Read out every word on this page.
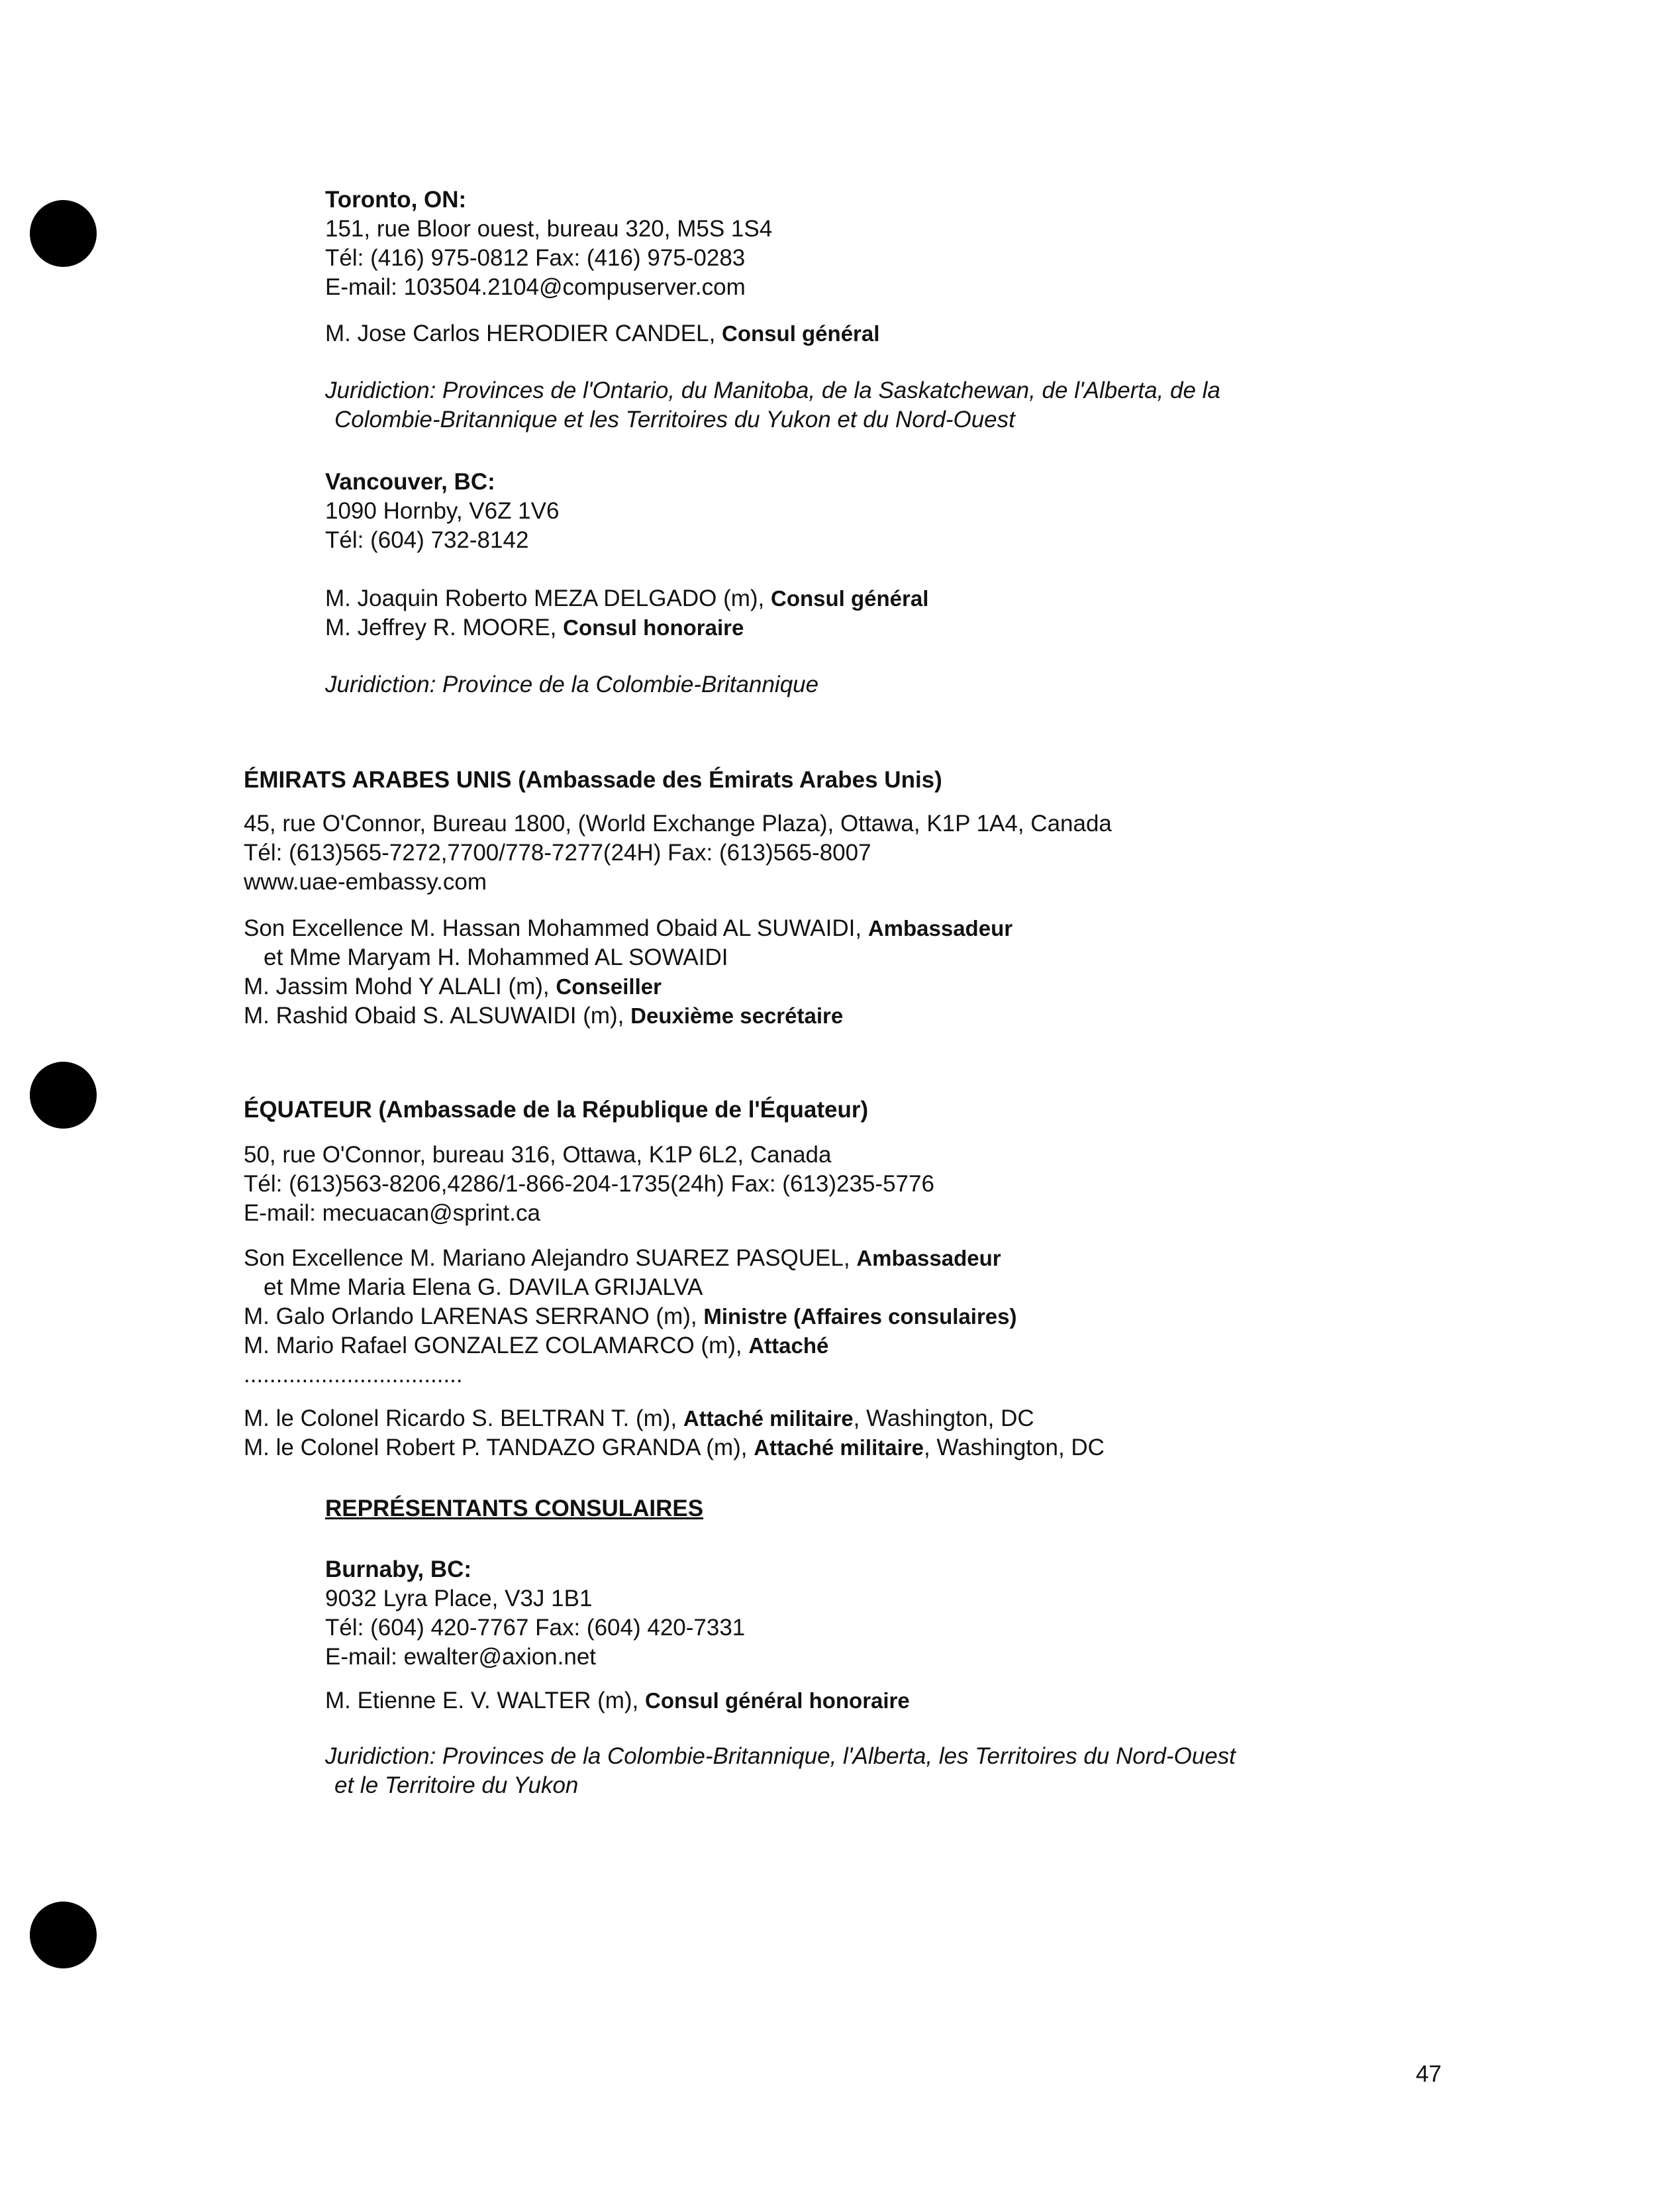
Toronto, ON:
151, rue Bloor ouest, bureau 320, M5S 1S4
Tél: (416) 975-0812 Fax: (416) 975-0283
E-mail: 103504.2104@compuserver.com
M. Jose Carlos HERODIER CANDEL, Consul général
Juridiction: Provinces de l'Ontario, du Manitoba, de la Saskatchewan, de l'Alberta, de la
Colombie-Britannique et les Territoires du Yukon et du Nord-Ouest
Vancouver, BC:
1090 Hornby, V6Z 1V6
Tél: (604) 732-8142
M. Joaquin Roberto MEZA DELGADO (m), Consul général
M. Jeffrey R. MOORE, Consul honoraire
Juridiction: Province de la Colombie-Britannique
ÉMIRATS ARABES UNIS (Ambassade des Émirats Arabes Unis)
45, rue O'Connor, Bureau 1800, (World Exchange Plaza), Ottawa, K1P 1A4, Canada
Tél: (613)565-7272,7700/778-7277(24H) Fax: (613)565-8007
www.uae-embassy.com
Son Excellence M. Hassan Mohammed Obaid AL SUWAIDI, Ambassadeur
et Mme Maryam H. Mohammed AL SOWAIDI
M. Jassim Mohd Y ALALI (m), Conseiller
M. Rashid Obaid S. ALSUWAIDI (m), Deuxième secrétaire
ÉQUATEUR (Ambassade de la République de l'Équateur)
50, rue O'Connor, bureau 316, Ottawa, K1P 6L2, Canada
Tél: (613)563-8206,4286/1-866-204-1735(24h) Fax: (613)235-5776
E-mail: mecuacan@sprint.ca
Son Excellence M. Mariano Alejandro SUAREZ PASQUEL, Ambassadeur
et Mme Maria Elena G. DAVILA GRIJALVA
M. Galo Orlando LARENAS SERRANO (m), Ministre (Affaires consulaires)
M. Mario Rafael GONZALEZ COLAMARCO (m), Attaché
..................................
M. le Colonel Ricardo S. BELTRAN T. (m), Attaché militaire, Washington, DC
M. le Colonel Robert P. TANDAZO GRANDA (m), Attaché militaire, Washington, DC
REPRÉSENTANTS CONSULAIRES
Burnaby, BC:
9032 Lyra Place, V3J 1B1
Tél: (604) 420-7767 Fax: (604) 420-7331
E-mail: ewalter@axion.net
M. Etienne E. V. WALTER (m), Consul général honoraire
Juridiction: Provinces de la Colombie-Britannique, l'Alberta, les Territoires du Nord-Ouest
et le Territoire du Yukon
47
